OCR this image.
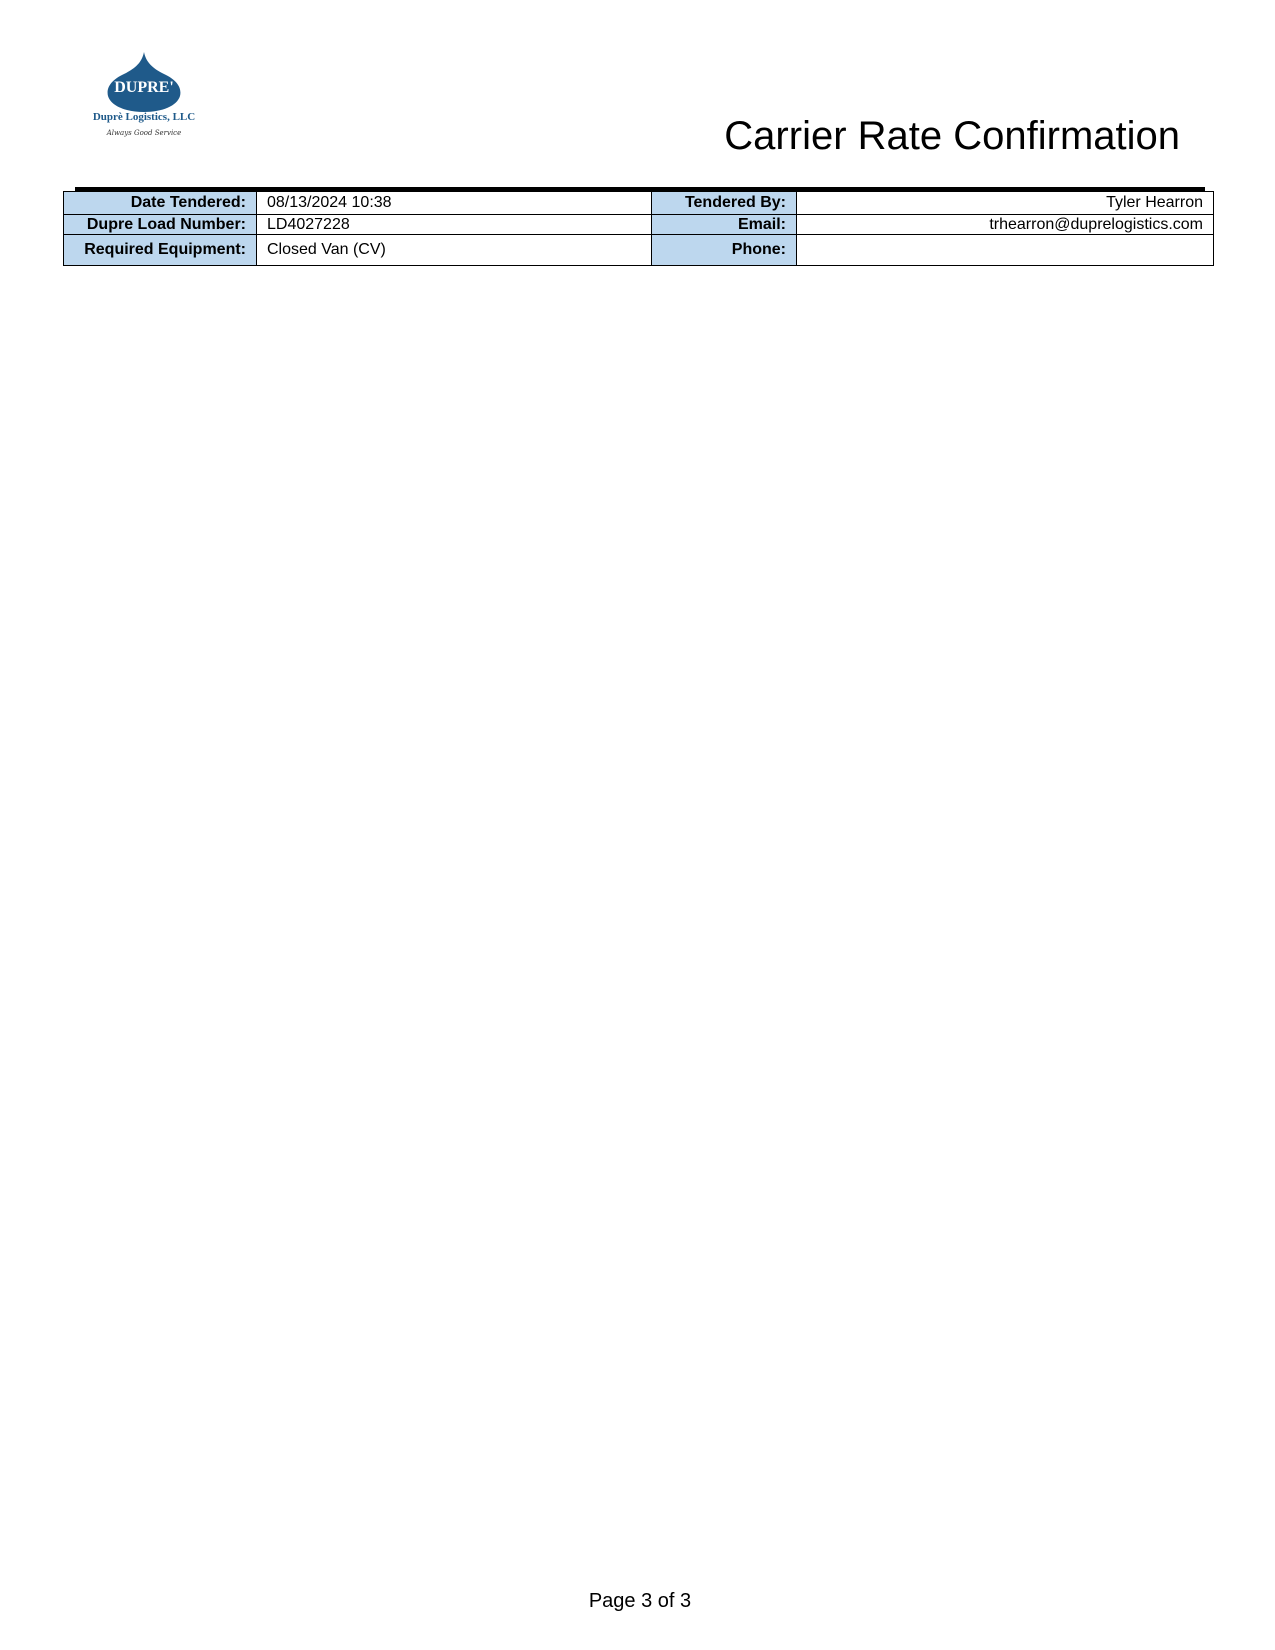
DUPRE'
Duprè Logistics, LLC
Always Good Service	Carrier Rate Confirmation
Date Tendered:	08/13/2024 10:38	Tendered By:	Tyler Hearron
Dupre Load Number:	LD4027228	Email:	trhearron@duprelogistics.com
Required Equipment:	Closed Van (CV)	Phone:	
Page 3 of 3
